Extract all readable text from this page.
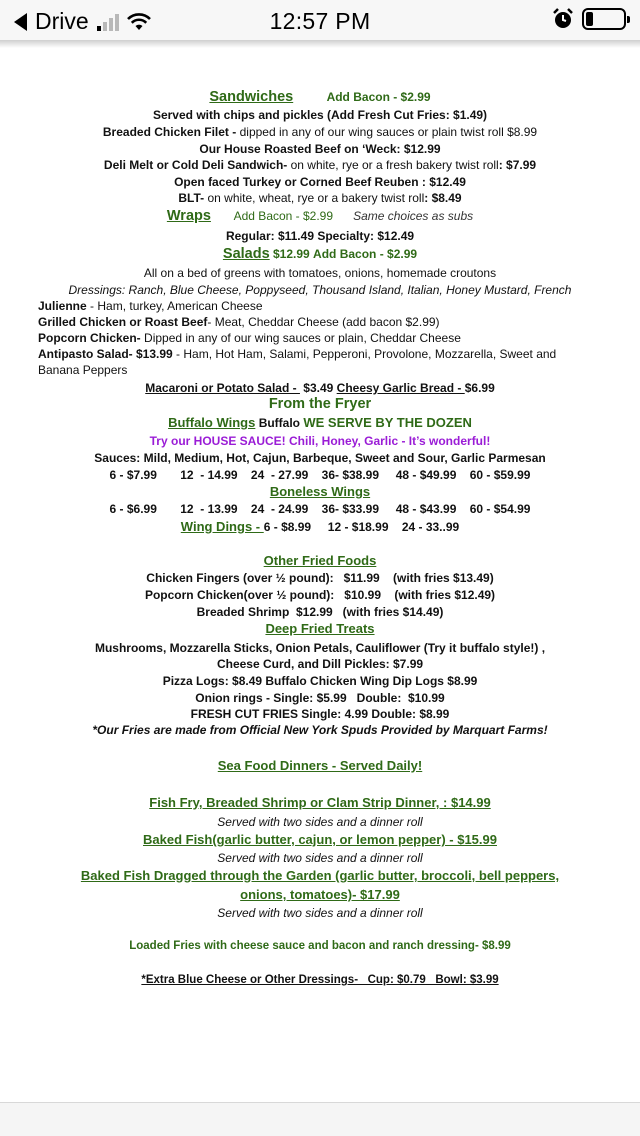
Drive	12:57 PM
Sandwiches	Add Bacon - $2.99
Served with chips and pickles (Add Fresh Cut Fries: $1.49)
Breaded Chicken Filet - dipped in any of our wing sauces or plain twist roll $8.99
Our House Roasted Beef on ‘Weck: $12.99
Deli Melt or Cold Deli Sandwich- on white, rye or a fresh bakery twist roll: $7.99
Open faced Turkey or Corned Beef Reuben : $12.49
BLT- on white, wheat, rye or a bakery twist roll: $8.49
Wraps Add Bacon - $2.99 Same choices as subs
Regular: $11.49 Specialty: $12.49
Salads $12.99 Add Bacon - $2.99
All on a bed of greens with tomatoes, onions, homemade croutons
Dressings: Ranch, Blue Cheese, Poppyseed, Thousand Island, Italian, Honey Mustard, French
Julienne - Ham, turkey, American Cheese
Grilled Chicken or Roast Beef- Meat, Cheddar Cheese (add bacon $2.99)
Popcorn Chicken- Dipped in any of our wing sauces or plain, Cheddar Cheese
Antipasto Salad- $13.99 - Ham, Hot Ham, Salami, Pepperoni, Provolone, Mozzarella, Sweet and
Banana Peppers
Macaroni or Potato Salad -  $3.49 Cheesy Garlic Bread - $6.99
From the Fryer
Buffalo Wings Buffalo WE SERVE BY THE DOZEN
Try our HOUSE SAUCE! Chili, Honey, Garlic - It’s wonderful!
Sauces: Mild, Medium, Hot, Cajun, Barbeque, Sweet and Sour, Garlic Parmesan
6 - $7.99       12  - 14.99    24  - 27.99    36- $38.99     48 - $49.99    60 - $59.99
Boneless Wings
6 - $6.99       12  - 13.99    24  - 24.99    36- $33.99     48 - $43.99    60 - $54.99
Wing Dings - 6 - $8.99     12 - $18.99    24 - 33..99
Other Fried Foods
Chicken Fingers (over ½ pound):   $11.99    (with fries $13.49)
Popcorn Chicken(over ½ pound):   $10.99    (with fries $12.49)
Breaded Shrimp  $12.99   (with fries $14.49)
Deep Fried Treats
Mushrooms, Mozzarella Sticks, Onion Petals, Cauliflower (Try it buffalo style!) ,
Cheese Curd, and Dill Pickles: $7.99
Pizza Logs: $8.49 Buffalo Chicken Wing Dip Logs $8.99
Onion rings - Single: $5.99   Double:  $10.99
FRESH CUT FRIES Single: 4.99 Double: $8.99
*Our Fries are made from Official New York Spuds Provided by Marquart Farms!
Sea Food Dinners - Served Daily!
Fish Fry, Breaded Shrimp or Clam Strip Dinner, : $14.99
Served with two sides and a dinner roll
Baked Fish(garlic butter, cajun, or lemon pepper) - $15.99
Served with two sides and a dinner roll
Baked Fish Dragged through the Garden (garlic butter, broccoli, bell peppers,
onions, tomatoes)- $17.99
Served with two sides and a dinner roll
Loaded Fries with cheese sauce and bacon and ranch dressing- $8.99
*Extra Blue Cheese or Other Dressings-   Cup: $0.79   Bowl: $3.99
